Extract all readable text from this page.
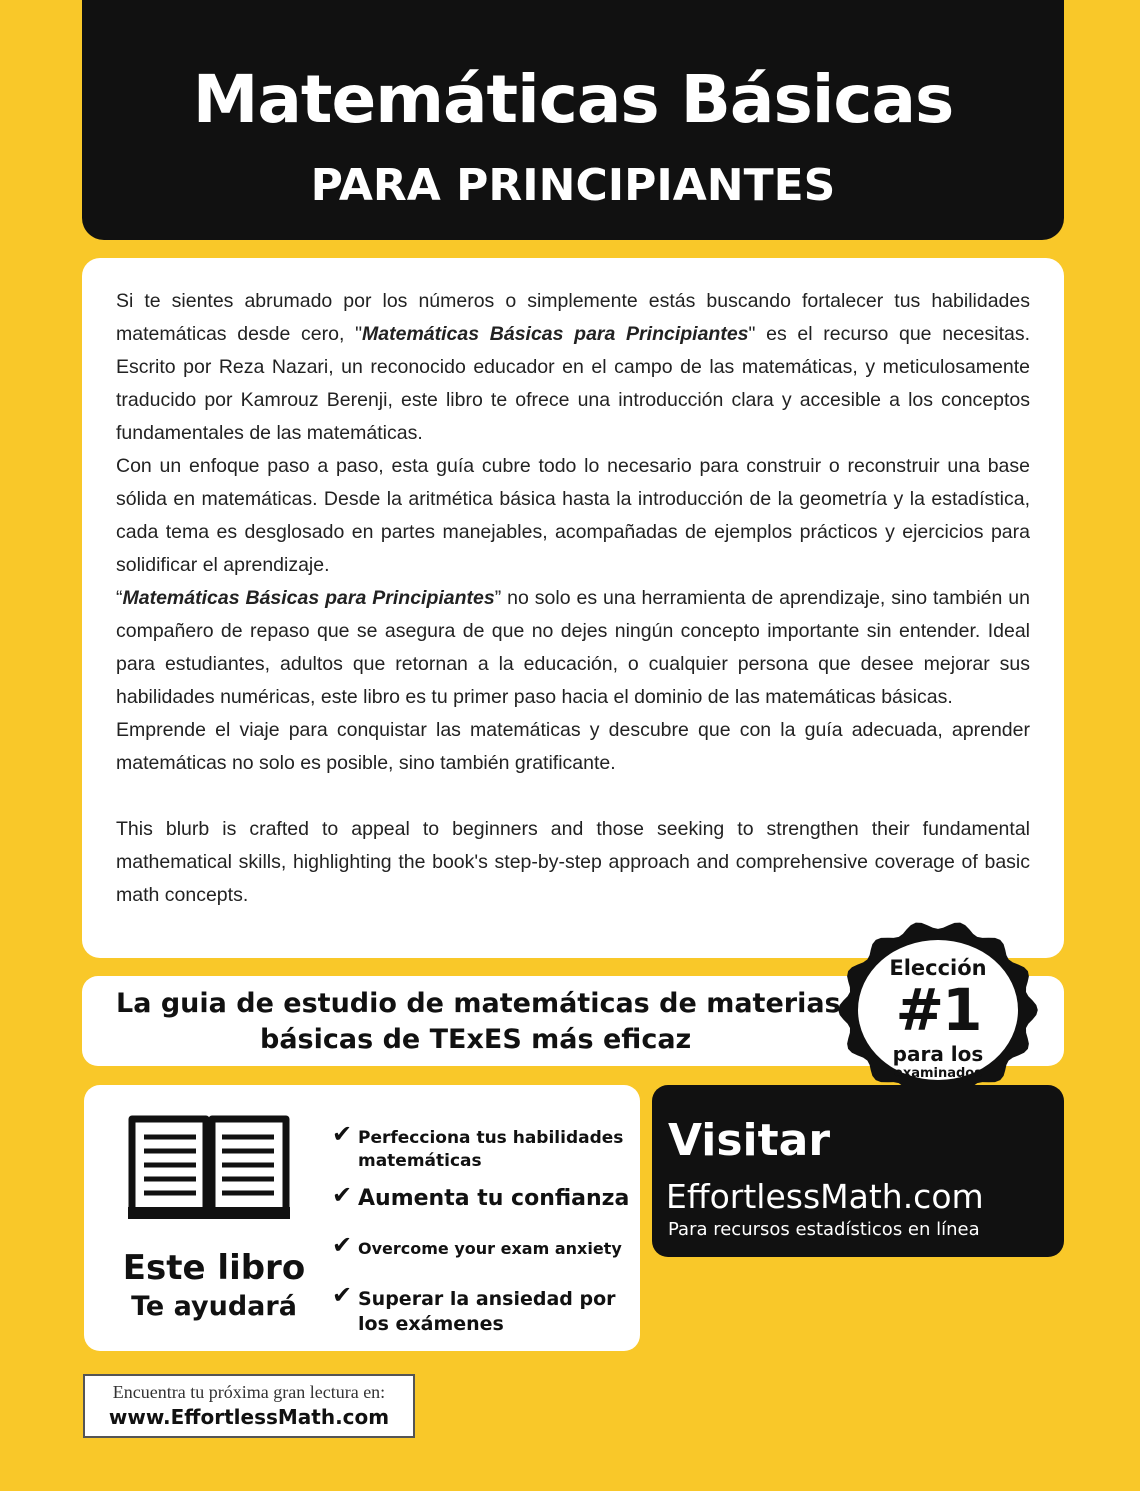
Matemáticas Básicas
PARA PRINCIPIANTES

Si te sientes abrumado por los números o simplemente estás buscando fortalecer tus habilidades matemáticas desde cero, "Matemáticas Básicas para Principiantes" es el recurso que necesitas. Escrito por Reza Nazari, un reconocido educador en el campo de las matemáticas, y meticulosamente traducido por Kamrouz Berenji, este libro te ofrece una introducción clara y accesible a los conceptos fundamentales de las matemáticas.

Con un enfoque paso a paso, esta guía cubre todo lo necesario para construir o reconstruir una base sólida en matemáticas. Desde la aritmética básica hasta la introducción de la geometría y la estadística, cada tema es desglosado en partes manejables, acompañadas de ejemplos prácticos y ejercicios para solidificar el aprendizaje.

“Matemáticas Básicas para Principiantes” no solo es una herramienta de aprendizaje, sino también un compañero de repaso que se asegura de que no dejes ningún concepto importante sin entender. Ideal para estudiantes, adultos que retornan a la educación, o cualquier persona que desee mejorar sus habilidades numéricas, este libro es tu primer paso hacia el dominio de las matemáticas básicas.

Emprende el viaje para conquistar las matemáticas y descubre que con la guía adecuada, aprender matemáticas no solo es posible, sino también gratificante.

This blurb is crafted to appeal to beginners and those seeking to strengthen their fundamental mathematical skills, highlighting the book's step-by-step approach and comprehensive coverage of basic math concepts.

La guia de estudio de matemáticas de materias
básicas de TExES más eficaz
Elección
#1
para los
examinados
Este libro
Te ayudará
✔ Perfecciona tus habilidades matemáticas
✔ Aumenta tu confianza
✔ Overcome your exam anxiety
✔ Superar la ansiedad por los exámenes
Visitar
EffortlessMath.com
Para recursos estadísticos en línea
Encuentra tu próxima gran lectura en:
www.EffortlessMath.com
